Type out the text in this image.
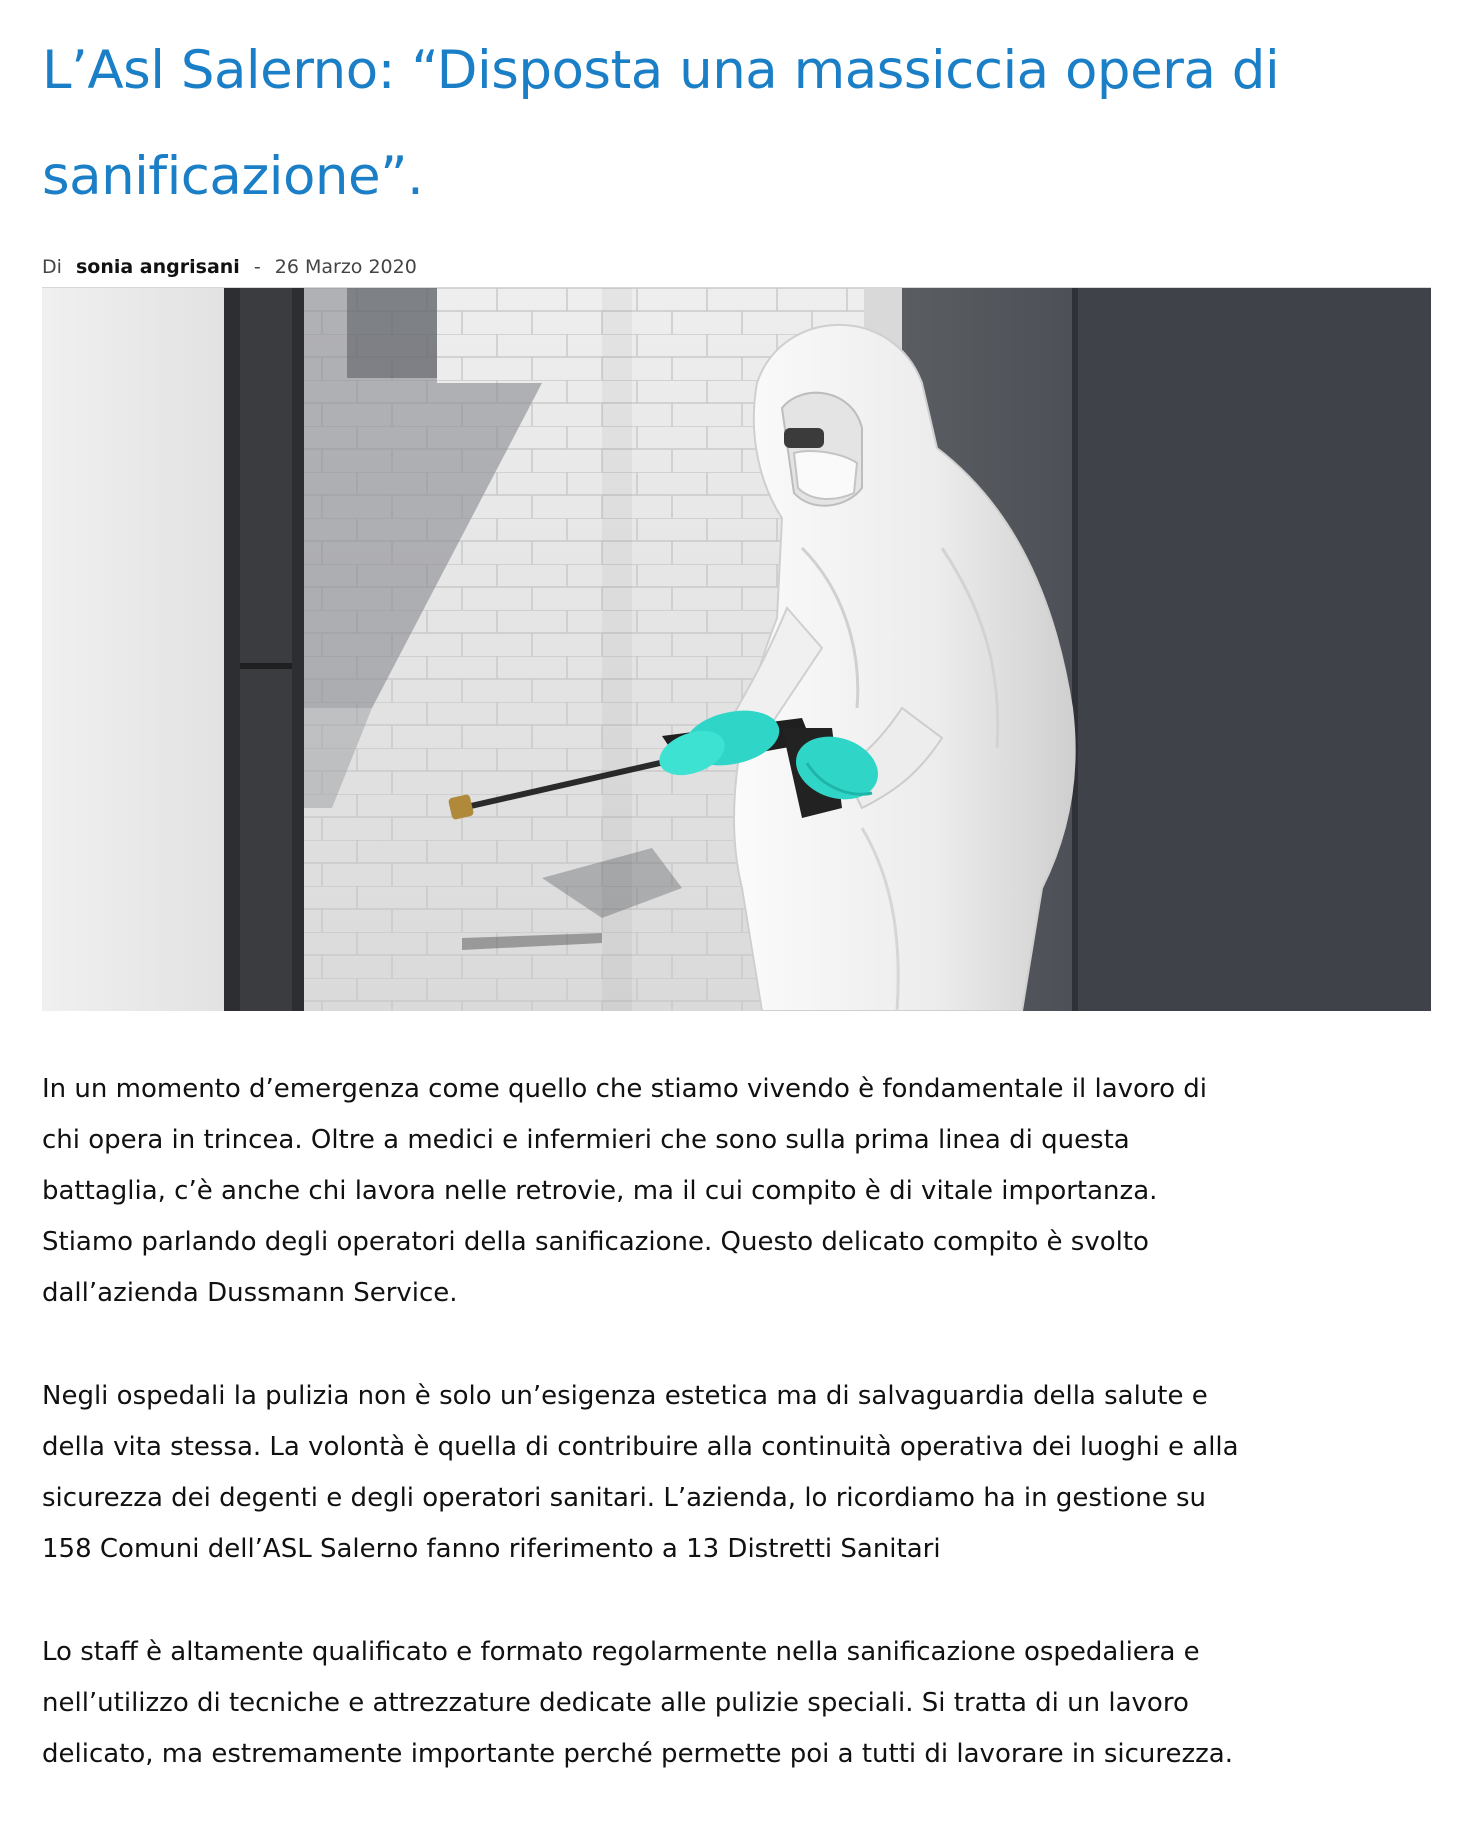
L’Asl Salerno: “Disposta una massiccia opera di sanificazione”.
Di sonia angrisani - 26 Marzo 2020

In un momento d’emergenza come quello che stiamo vivendo è fondamentale il lavoro di
chi opera in trincea. Oltre a medici e infermieri che sono sulla prima linea di questa
battaglia, c’è anche chi lavora nelle retrovie, ma il cui compito è di vitale importanza.
Stiamo parlando degli operatori della sanificazione. Questo delicato compito è svolto
dall’azienda Dussmann Service.

Negli ospedali la pulizia non è solo un’esigenza estetica ma di salvaguardia della salute e
della vita stessa. La volontà è quella di contribuire alla continuità operativa dei luoghi e alla
sicurezza dei degenti e degli operatori sanitari. L’azienda, lo ricordiamo ha in gestione su
158 Comuni dell’ASL Salerno fanno riferimento a 13 Distretti Sanitari

Lo staff è altamente qualificato e formato regolarmente nella sanificazione ospedaliera e
nell’utilizzo di tecniche e attrezzature dedicate alle pulizie speciali. Si tratta di un lavoro
delicato, ma estremamente importante perché permette poi a tutti di lavorare in sicurezza.
